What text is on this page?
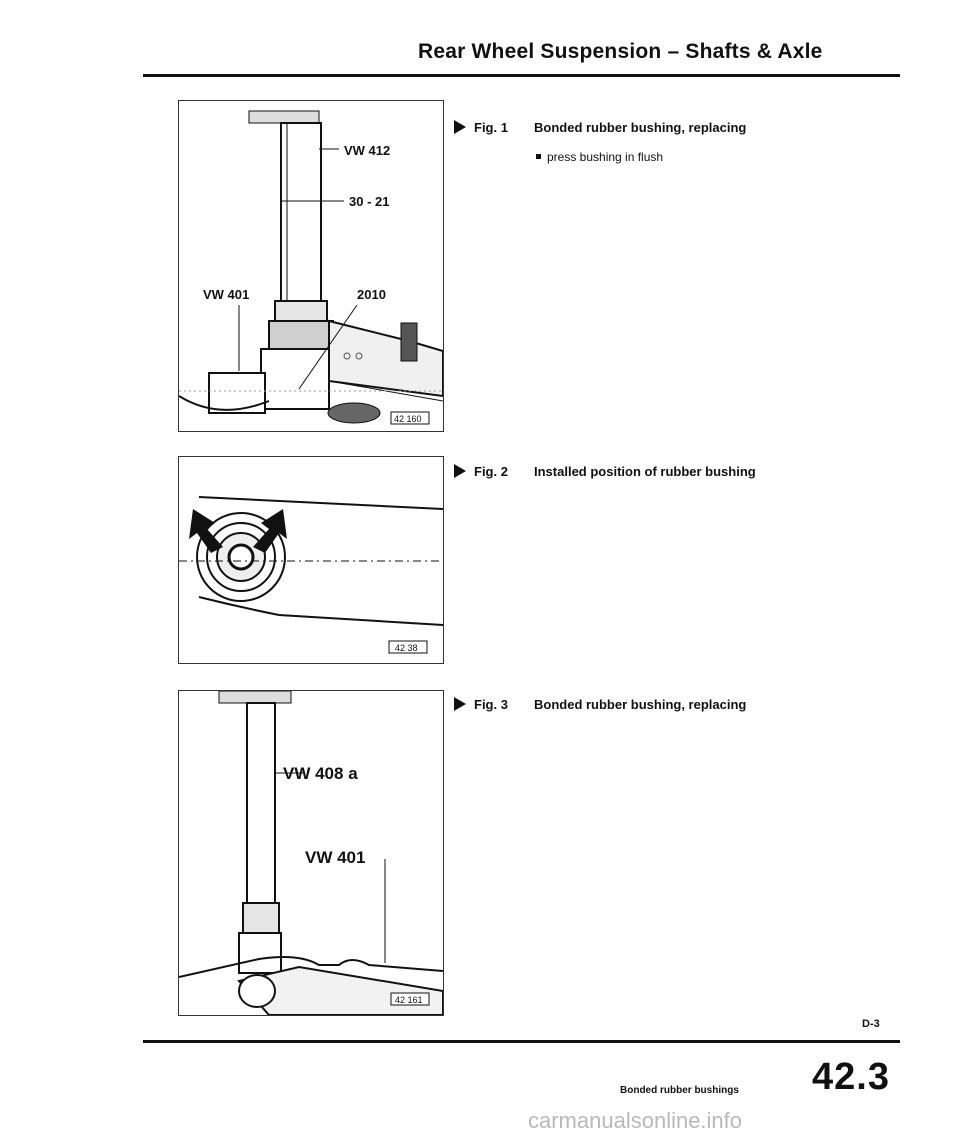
Rear Wheel Suspension – Shafts & Axle
VW 412
30 - 21
VW 401	2010
42 160
Fig. 1 Bonded rubber bushing, replacing
press bushing in flush
42 38
Fig. 2 Installed position of rubber bushing
VW 408 a
VW 401
42 161
Fig. 3 Bonded rubber bushing, replacing
D-3
Bonded rubber bushings 42.3
carmanualsonline.info
